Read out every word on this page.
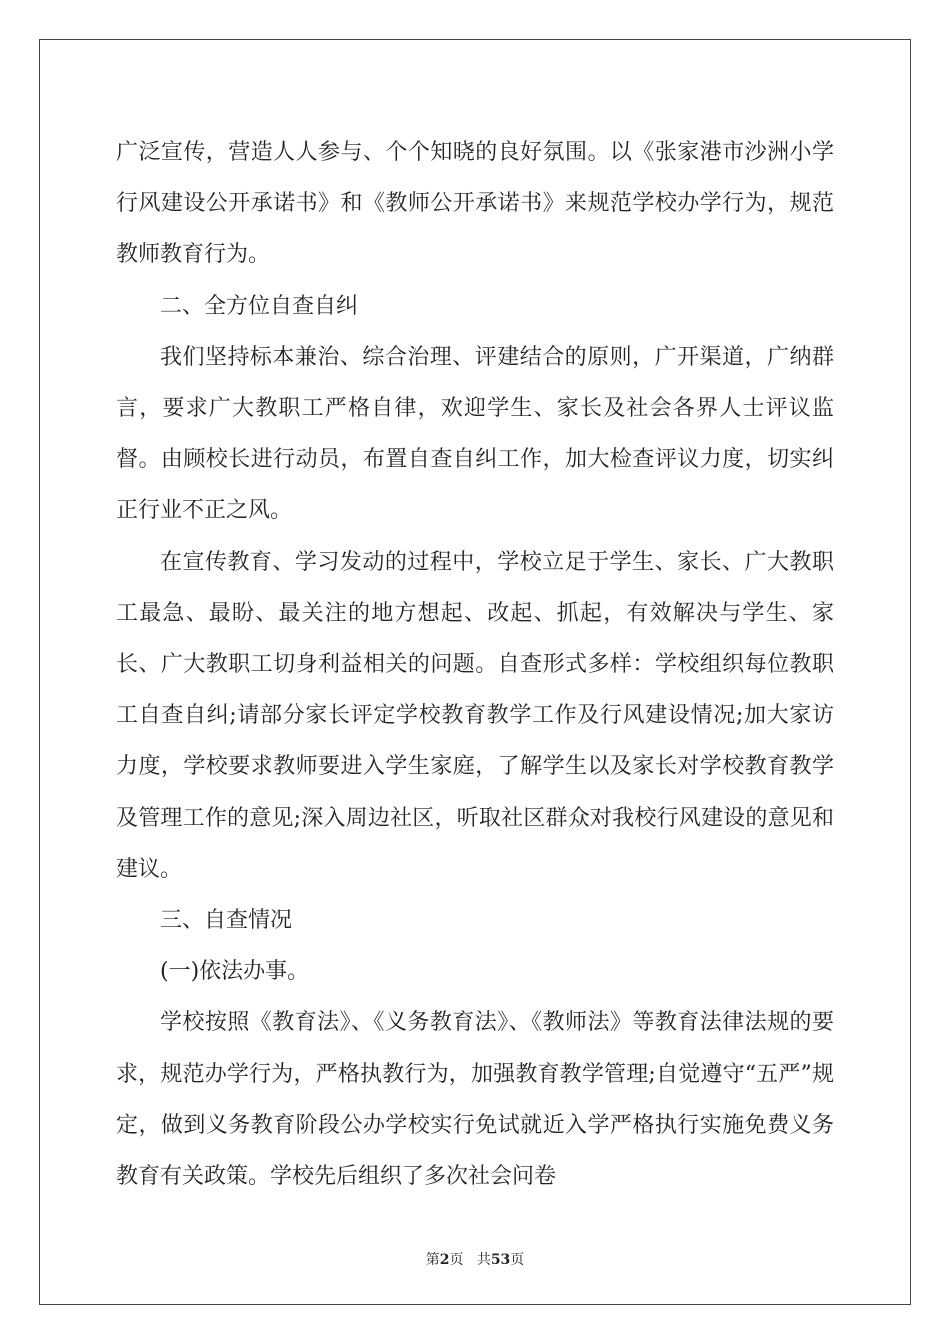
广泛宣传，营造人人参与、个个知晓的良好氛围。以《张家港市沙洲小学行风建设公开承诺书》和《教师公开承诺书》来规范学校办学行为，规范教师教育行为。

二、全方位自查自纠

我们坚持标本兼治、综合治理、评建结合的原则，广开渠道，广纳群言，要求广大教职工严格自律，欢迎学生、家长及社会各界人士评议监督。由顾校长进行动员，布置自查自纠工作，加大检查评议力度，切实纠正行业不正之风。

在宣传教育、学习发动的过程中，学校立足于学生、家长、广大教职工最急、最盼、最关注的地方想起、改起、抓起，有效解决与学生、家长、广大教职工切身利益相关的问题。自查形式多样：学校组织每位教职工自查自纠;请部分家长评定学校教育教学工作及行风建设情况;加大家访力度，学校要求教师要进入学生家庭，了解学生以及家长对学校教育教学及管理工作的意见;深入周边社区，听取社区群众对我校行风建设的意见和建议。

三、自查情况

(一)依法办事。

学校按照《教育法》、《义务教育法》、《教师法》等教育法律法规的要求，规范办学行为，严格执教行为，加强教育教学管理;自觉遵守“五严”规定，做到义务教育阶段公办学校实行免试就近入学严格执行实施免费义务教育有关政策。学校先后组织了多次社会问卷

第2页 共53页
